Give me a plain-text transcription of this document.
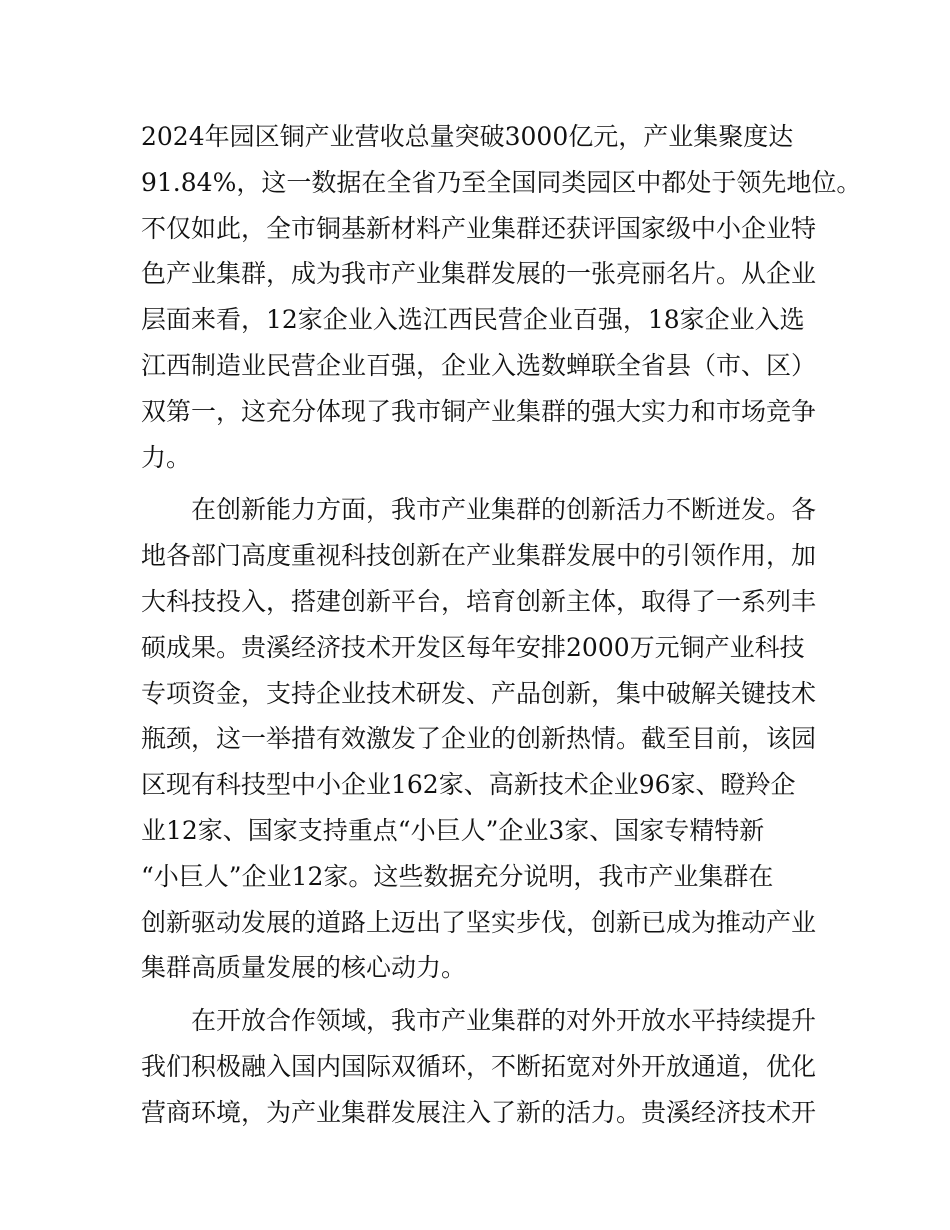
2024年园区铜产业营收总量突破3000亿元，产业集聚度达
91.84%，这一数据在全省乃至全国同类园区中都处于领先地位。
不仅如此，全市铜基新材料产业集群还获评国家级中小企业特
色产业集群，成为我市产业集群发展的一张亮丽名片。从企业
层面来看，12家企业入选江西民营企业百强，18家企业入选
江西制造业民营企业百强，企业入选数蝉联全省县（市、区）
双第一，这充分体现了我市铜产业集群的强大实力和市场竞争
力。
在创新能力方面，我市产业集群的创新活力不断迸发。各
地各部门高度重视科技创新在产业集群发展中的引领作用，加
大科技投入，搭建创新平台，培育创新主体，取得了一系列丰
硕成果。贵溪经济技术开发区每年安排2000万元铜产业科技
专项资金，支持企业技术研发、产品创新，集中破解关键技术
瓶颈，这一举措有效激发了企业的创新热情。截至目前，该园
区现有科技型中小企业162家、高新技术企业96家、瞪羚企
业12家、国家支持重点“小巨人”企业3家、国家专精特新
“小巨人”企业12家。这些数据充分说明，我市产业集群在
创新驱动发展的道路上迈出了坚实步伐，创新已成为推动产业
集群高质量发展的核心动力。
在开放合作领域，我市产业集群的对外开放水平持续提升
我们积极融入国内国际双循环，不断拓宽对外开放通道，优化
营商环境，为产业集群发展注入了新的活力。贵溪经济技术开
